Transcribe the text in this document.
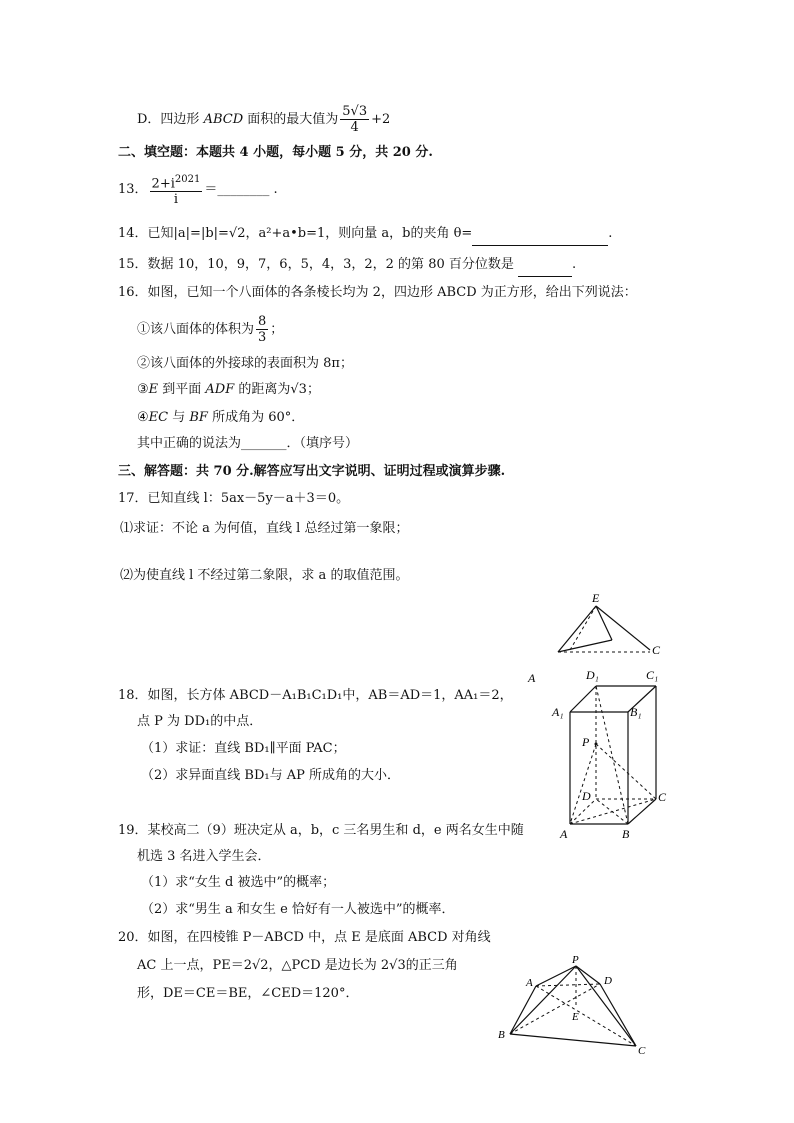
D．四边形 ABCD 面积的最大值为 $\frac{5√3}{4} +2$
二、填空题：本题共 4 小题，每小题 5 分，共 20 分.
13． $\frac{2+i^{2021}}{i}$ ＝________ .
14．已知|a|=|b|=√2，a²+a•b=1，则向量 a，b的夹角 θ=	.
15．数据 10，10，9，7，6，5，4，3，2，2 的第 80 百分位数是	.
16．如图，已知一个八面体的各条棱长均为 2，四边形 ABCD 为正方形，给出下列说法：
①该八面体的体积为 $\frac{8}{3}$ ；
②该八面体的外接球的表面积为 8π；
③E 到平面 ADF 的距离为√3；
④EC 与 BF 所成角为 60°．
其中正确的说法为_______．（填序号）
三、解答题：共 70 分.解答应写出文字说明、证明过程或演算步骤.
17．已知直线 l：5ax－5y－a＋3＝0。
⑴求证：不论 a 为何值，直线 l 总经过第一象限；
⑵为使直线 l 不经过第二象限，求 a 的取值范围。
E
C
A
18．如图，长方体 ABCD－A₁B₁C₁D₁中，AB＝AD＝1，AA₁＝2，
点 P 为 DD₁的中点．
（1）求证：直线 BD₁∥平面 PAC；
（2）求异面直线 BD₁与 AP 所成角的大小．
D₁	C₁
A₁	B₁
P
D	C
A	B
19．某校高二（9）班决定从 a，b，c 三名男生和 d，e 两名女生中随
机选 3 名进入学生会．
（1）求“女生 d 被选中”的概率；
（2）求“男生 a 和女生 e 恰好有一人被选中”的概率．
20．如图，在四棱锥 P－ABCD 中，点 E 是底面 ABCD 对角线
AC 上一点，PE＝2√2，△PCD 是边长为 2√3的正三角
形，DE＝CE＝BE，∠CED＝120°．
P
A	D
E
B
C
